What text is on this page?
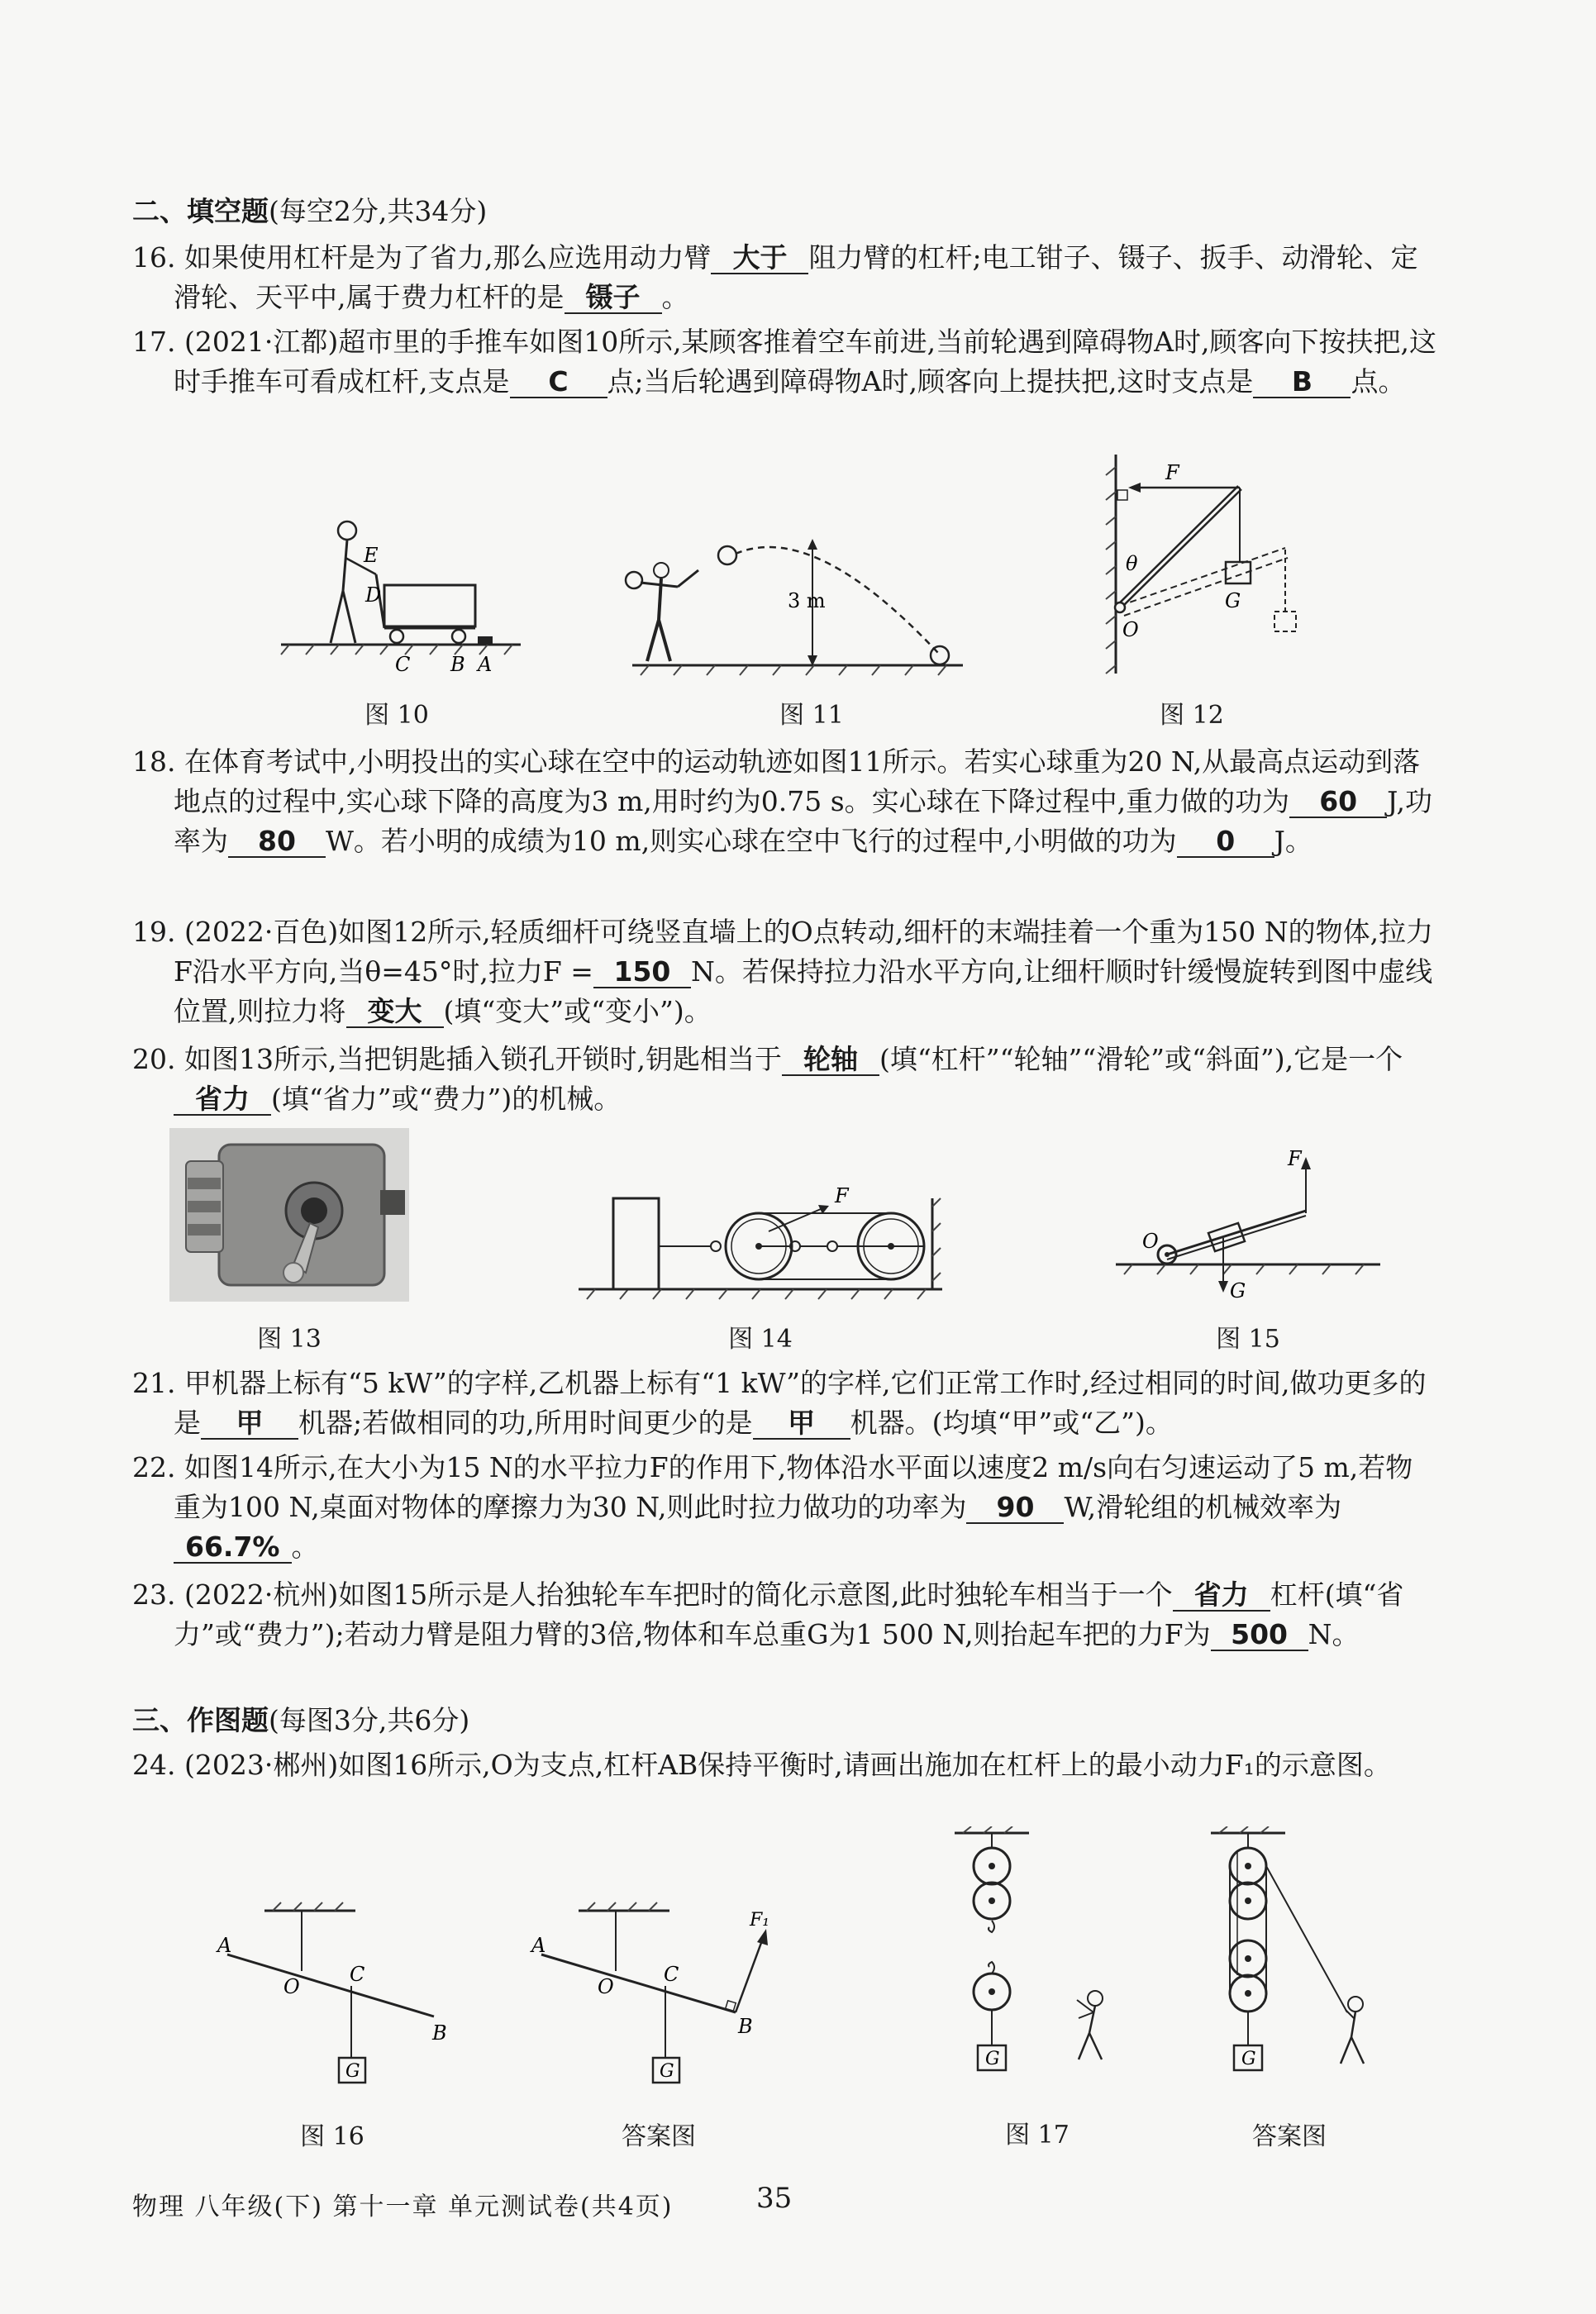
二、填空题(每空2分,共34分)

16. 如果使用杠杆是为了省力,那么应选用动力臂 大于 阻力臂的杠杆;电工钳子、镊子、扳手、动滑轮、定滑轮、天平中,属于费力杠杆的是 镊子 。

17. (2021·江都)超市里的手推车如图10所示,某顾客推着空车前进,当前轮遇到障碍物A时,顾客向下按扶把,这时手推车可看成杠杆,支点是 C 点;当后轮遇到障碍物A时,顾客向上提扶把,这时支点是 B 点。

E
D
C B A
图 10
3 m
图 11
F
θ
O
G
图 12

18. 在体育考试中,小明投出的实心球在空中的运动轨迹如图11所示。若实心球重为20 N,从最高点运动到落地点的过程中,实心球下降的高度为3 m,用时约为0.75 s。实心球在下降过程中,重力做的功为 60 J,功率为 80 W。若小明的成绩为10 m,则实心球在空中飞行的过程中,小明做的功为 0 J。

19. (2022·百色)如图12所示,轻质细杆可绕竖直墙上的O点转动,细杆的末端挂着一个重为150 N的物体,拉力F沿水平方向,当θ=45°时,拉力F = 150 N。若保持拉力沿水平方向,让细杆顺时针缓慢旋转到图中虚线位置,则拉力将 变大 (填“变大”或“变小”)。

20. 如图13所示,当把钥匙插入锁孔开锁时,钥匙相当于 轮轴 (填“杠杆”“轮轴”“滑轮”或“斜面”),它是一个省力 (填“省力”或“费力”)的机械。

图 13
F
图 14
O
G
F
图 15

21. 甲机器上标有“5 kW”的字样,乙机器上标有“1 kW”的字样,它们正常工作时,经过相同的时间,做功更多的是 甲 机器;若做相同的功,所用时间更少的是 甲 机器。(均填“甲”或“乙”)。

22. 如图14所示,在大小为15 N的水平拉力F的作用下,物体沿水平面以速度2 m/s向右匀速运动了5 m,若物重为100 N,桌面对物体的摩擦力为30 N,则此时拉力做功的功率为 90 W,滑轮组的机械效率为66.7% 。

23. (2022·杭州)如图15所示是人抬独轮车车把时的简化示意图,此时独轮车相当于一个 省力 杠杆(填“省力”或“费力”);若动力臂是阻力臂的3倍,物体和车总重G为1 500 N,则抬起车把的力F为 500 N。

三、作图题(每图3分,共6分)

24. (2023·郴州)如图16所示,O为支点,杠杆AB保持平衡时,请画出施加在杠杆上的最小动力F₁的示意图。

A
O
C
B
G
图 16
A
O
C
B
G
F₁
答案图
G
图 17
G
答案图
物理 八年级(下) 第十一章 单元测试卷(共4页)	35
